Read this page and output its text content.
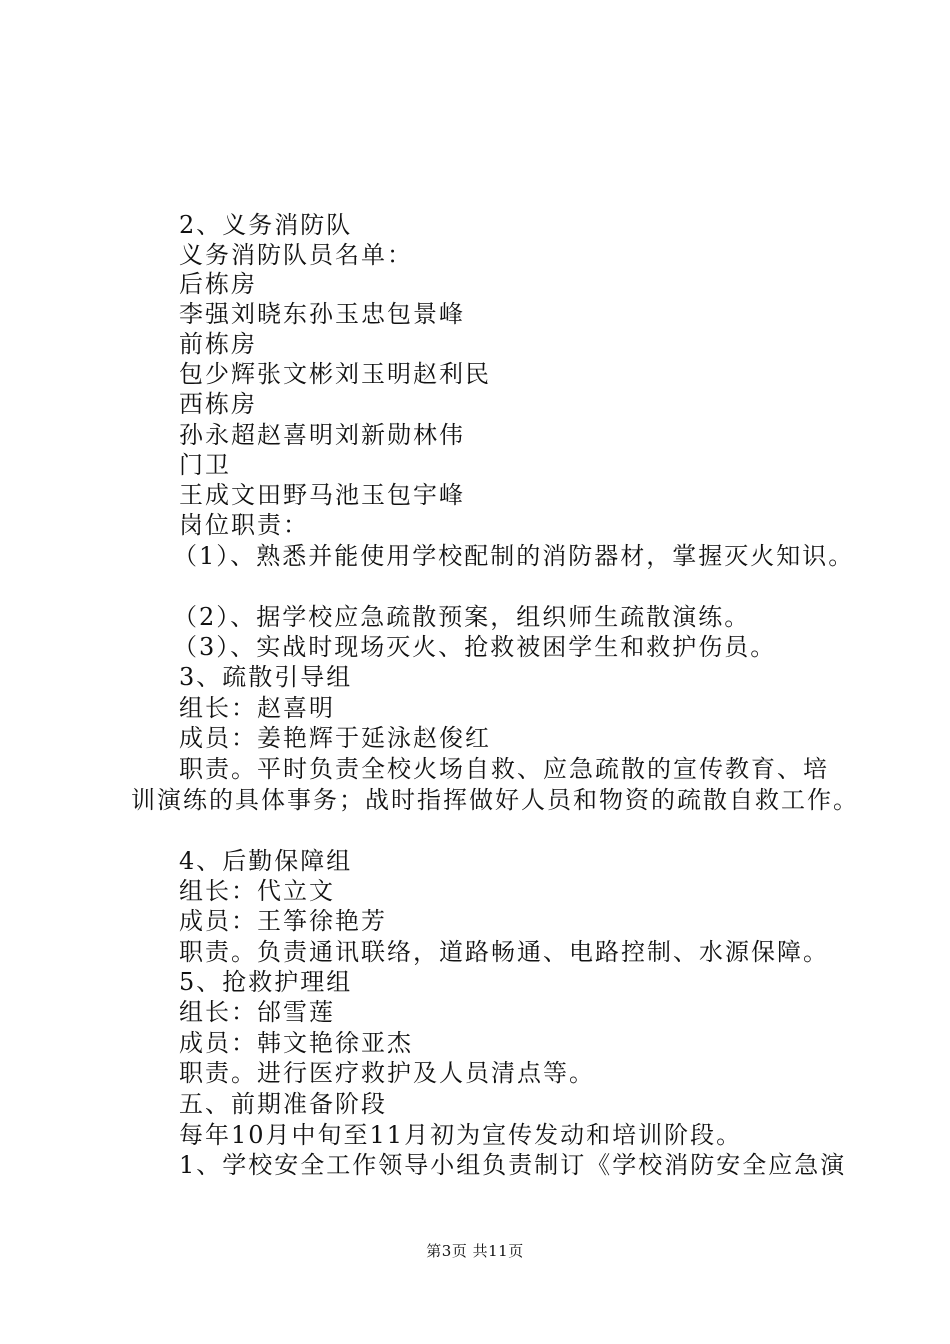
2、义务消防队
义务消防队员名单：
后栋房
李强刘晓东孙玉忠包景峰
前栋房
包少辉张文彬刘玉明赵利民
西栋房
孙永超赵喜明刘新勋林伟
门卫
王成文田野马池玉包宇峰
岗位职责：
（1）、熟悉并能使用学校配制的消防器材，掌握灭火知识。
（2）、据学校应急疏散预案，组织师生疏散演练。
（3）、实战时现场灭火、抢救被困学生和救护伤员。
3、疏散引导组
组长：赵喜明
成员：姜艳辉于延泳赵俊红
职责。平时负责全校火场自救、应急疏散的宣传教育、培
训演练的具体事务；战时指挥做好人员和物资的疏散自救工作。
4、后勤保障组
组长：代立文
成员：王筝徐艳芳
职责。负责通讯联络，道路畅通、电路控制、水源保障。
5、抢救护理组
组长：邰雪莲
成员：韩文艳徐亚杰
职责。进行医疗救护及人员清点等。
五、前期准备阶段
每年10月中旬至11月初为宣传发动和培训阶段。
1、学校安全工作领导小组负责制订《学校消防安全应急演
第3页 共11页
